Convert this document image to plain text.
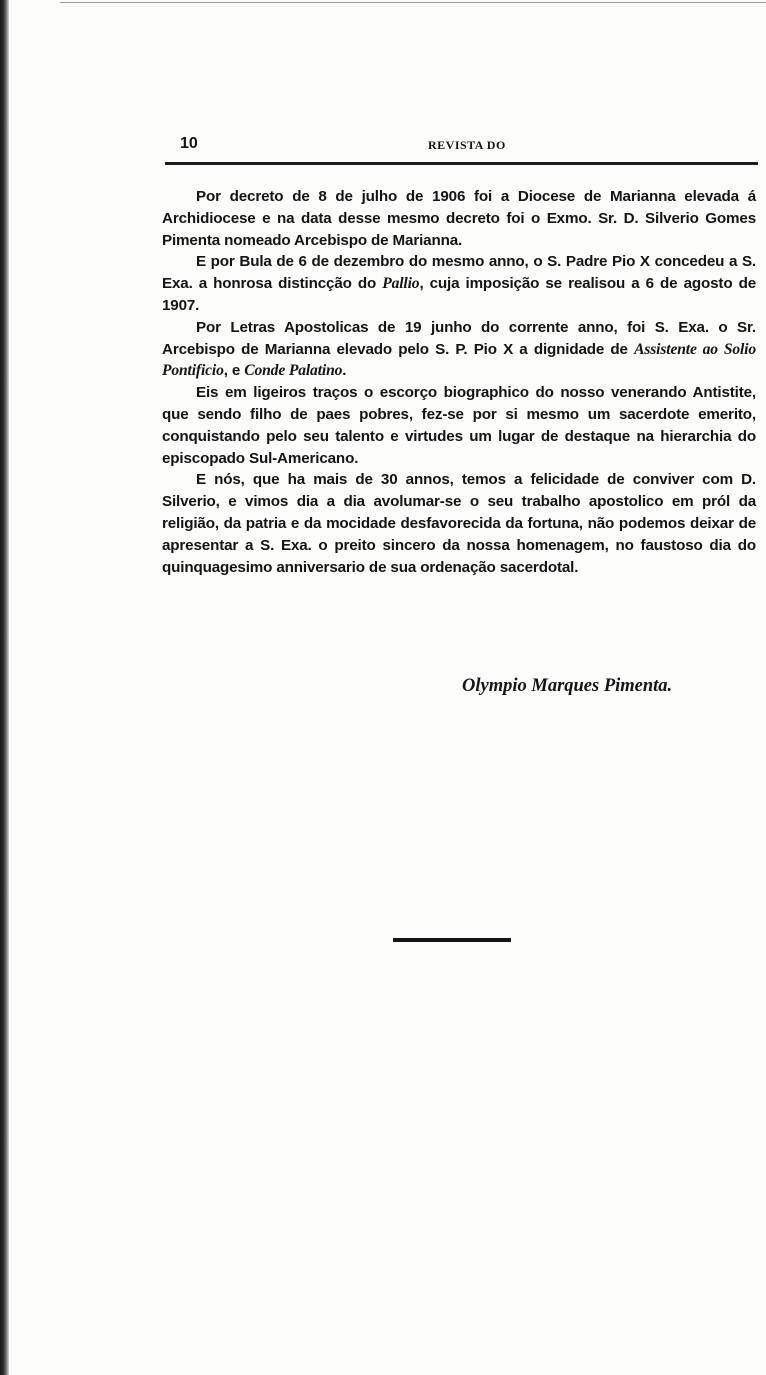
10	REVISTA DO

Por decreto de 8 de julho de 1906 foi a Diocese de Marianna elevada á Archidiocese e na data desse mesmo decreto foi o Exmo. Sr. D. Silverio Gomes Pimenta nomeado Arcebispo de Marianna.

E por Bula de 6 de dezembro do mesmo anno, o S. Padre Pio X concedeu a S. Exa. a honrosa distincção do Pallio, cuja imposição se realisou a 6 de agosto de 1907.

Por Letras Apostolicas de 19 junho do corrente anno, foi S. Exa. o Sr. Arcebispo de Marianna elevado pelo S. P. Pio X a dignidade de Assistente ao Solio Pontificio, e Conde Palatino.

Eis em ligeiros traços o escorço biographico do nosso venerando Antistite, que sendo filho de paes pobres, fez-se por si mesmo um sacerdote emerito, conquistando pelo seu talento e virtudes um lugar de destaque na hierarchia do episcopado Sul-Americano.

E nós, que ha mais de 30 annos, temos a felicidade de conviver com D. Silverio, e vimos dia a dia avolumar-se o seu trabalho apostolico em pról da religião, da patria e da mocidade desfavorecida da fortuna, não podemos deixar de apresentar a S. Exa. o preito sincero da nossa homenagem, no faustoso dia do quinquagesimo anniversario de sua ordenação sacerdotal.

Olympio Marques Pimenta.
